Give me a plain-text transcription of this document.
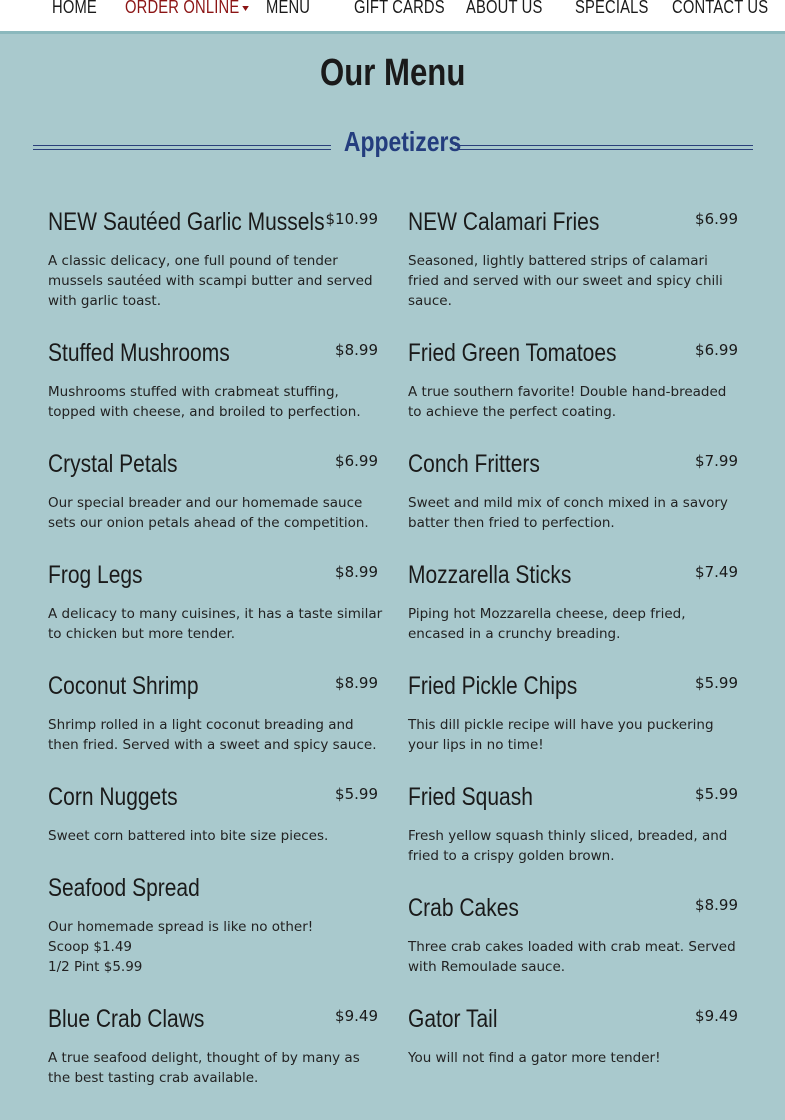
HOME ORDER ONLINE	MENU GIFT CARDS ABOUT US SPECIALS CONTACT US
Our Menu
Appetizers
NEW Sautéed Garlic Mussels $10.99
A classic delicacy, one full pound of tender
mussels sautéed with scampi butter and served
with garlic toast.
NEW Calamari Fries	$6.99
Seasoned, lightly battered strips of calamari
fried and served with our sweet and spicy chili
sauce.
Stuffed Mushrooms	$8.99
Mushrooms stuffed with crabmeat stuffing,
topped with cheese, and broiled to perfection.
Fried Green Tomatoes	$6.99
A true southern favorite! Double hand-breaded
to achieve the perfect coating.
Crystal Petals	$6.99
Our special breader and our homemade sauce
sets our onion petals ahead of the competition.
Conch Fritters	$7.99
Sweet and mild mix of conch mixed in a savory
batter then fried to perfection.
Frog Legs	$8.99
A delicacy to many cuisines, it has a taste similar
to chicken but more tender.
Mozzarella Sticks	$7.49
Piping hot Mozzarella cheese, deep fried,
encased in a crunchy breading.
Coconut Shrimp	$8.99
Shrimp rolled in a light coconut breading and
then fried. Served with a sweet and spicy sauce.
Fried Pickle Chips	$5.99
This dill pickle recipe will have you puckering
your lips in no time!
Corn Nuggets	$5.99
Sweet corn battered into bite size pieces.
Fried Squash	$5.99
Fresh yellow squash thinly sliced, breaded, and
fried to a crispy golden brown.
Seafood Spread
Our homemade spread is like no other!
Scoop $1.49
1/2 Pint $5.99
Crab Cakes	$8.99
Three crab cakes loaded with crab meat. Served
with Remoulade sauce.
Blue Crab Claws	$9.49
A true seafood delight, thought of by many as
the best tasting crab available.
Gator Tail	$9.49
You will not find a gator more tender!
